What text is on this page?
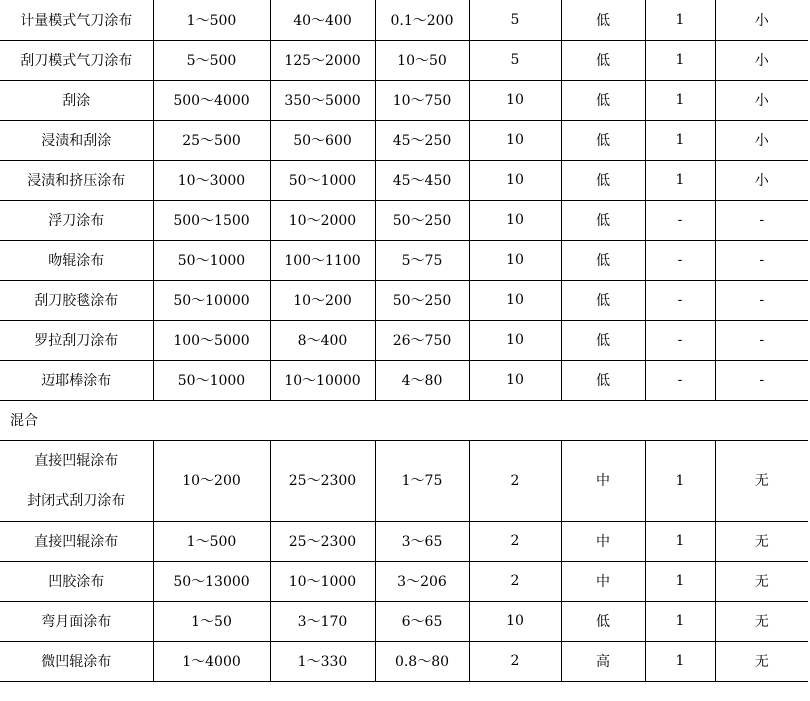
计量模式气刀涂布	1～500	40～400	0.1～200	5	低	1	小
刮刀模式气刀涂布	5～500	125～2000	10～50	5	低	1	小
刮涂	500～4000	350～5000	10～750	10	低	1	小
浸渍和刮涂	25～500	50～600	45～250	10	低	1	小
浸渍和挤压涂布	10～3000	50～1000	45～450	10	低	1	小
浮刀涂布	500～1500	10～2000	50～250	10	低	-	-
吻辊涂布	50～1000	100～1100	5～75	10	低	-	-
刮刀胶毯涂布	50～10000	10～200	50～250	10	低	-	-
罗拉刮刀涂布	100～5000	8～400	26～750	10	低	-	-
迈耶棒涂布	50～1000	10～10000	4～80	10	低	-	-
混合							

直接凹辊涂布
封闭式刮刀涂布	10～200	25～2300	1～75	2	中	1	无
直接凹辊涂布	1～500	25～2300	3～65	2	中	1	无
凹胶涂布	50～13000	10～1000	3～206	2	中	1	无
弯月面涂布	1～50	3～170	6～65	10	低	1	无
微凹辊涂布	1～4000	1～330	0.8～80	2	高	1	无
